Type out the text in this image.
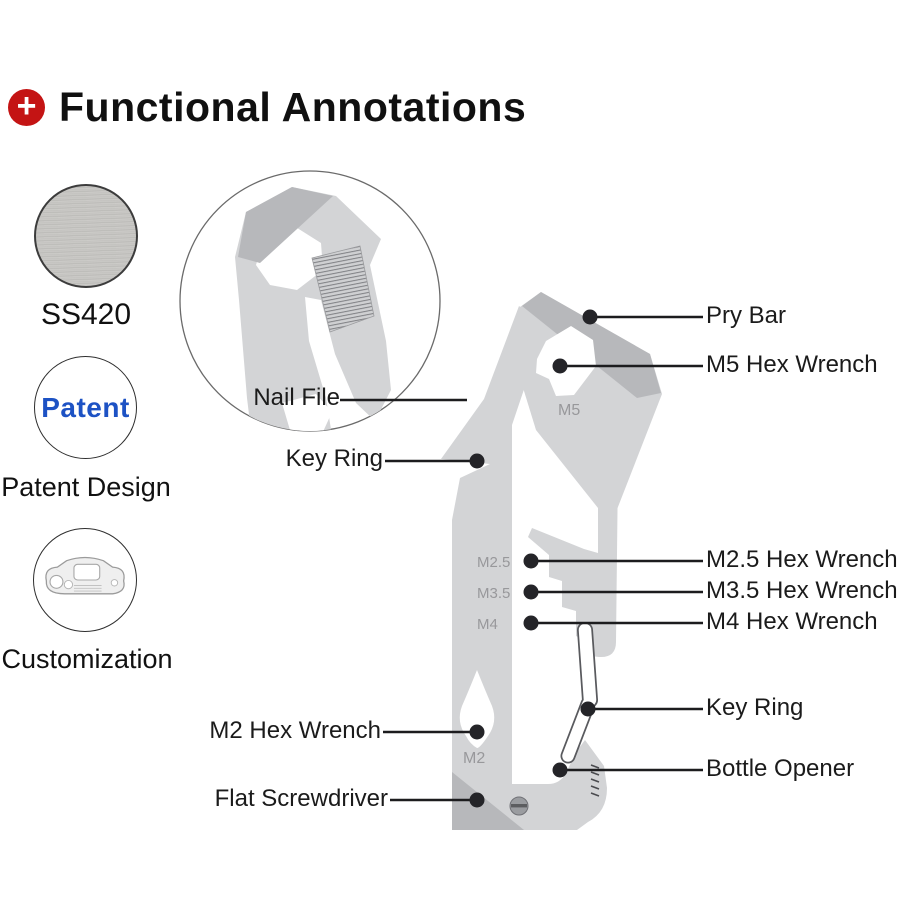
M5
M2.5
M3.5
M4
M2
+ Functional Annotations
SS420
Patent
Patent Design
Customization
Nail File
Key Ring
M2 Hex Wrench
Flat Screwdriver
Pry Bar
M5 Hex Wrench
M2.5 Hex Wrench
M3.5 Hex Wrench
M4 Hex Wrench
Key Ring
Bottle Opener
